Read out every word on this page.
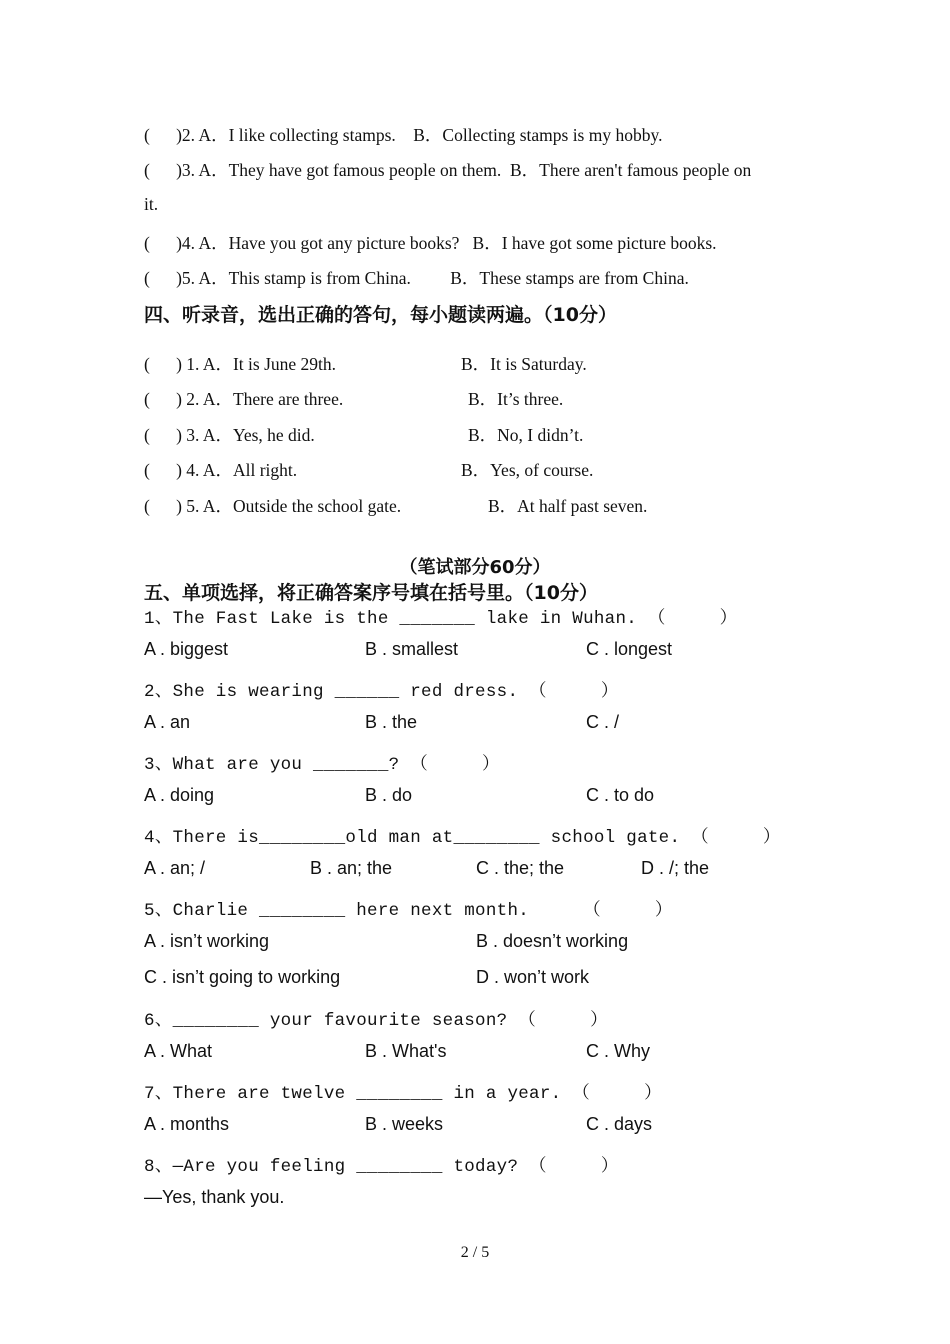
(      )2. A．I like collecting stamps.    B．Collecting stamps is my hobby.
(      )3. A．They have got famous people on them.  B．There aren't famous people on
it.
(      )4. A．Have you got any picture books?   B．I have got some picture books.
(      )5. A．This stamp is from China.         B．These stamps are from China.
四、听录音，选出正确的答句，每小题读两遍。（10分）
(      ) 1. A．It is June 29th.	B．It is Saturday.
(      ) 2. A．There are three.	B．It’s three.
(      ) 3. A．Yes, he did.	B．No, I didn’t.
(      ) 4. A．All right.	B．Yes, of course.
(      ) 5. A．Outside the school gate.	B．At half past seven.
（笔试部分60分）
五、单项选择，将正确答案序号填在括号里。（10分）
1、The Fast Lake is the _______ lake in Wuhan. （     ）
A . biggest	B . smallest	C . longest
2、She is wearing ______ red dress. （     ）
A . an	B . the	C . /
3、What are you _______? （     ）
A . doing	B . do	C . to do
4、There is________old man at________ school gate. （     ）
A . an; /	B . an; the	C . the; the	D . /; the
5、Charlie ________ here next month.     （     ）
A . isn’t working	B . doesn’t working
C . isn’t going to working	D . won’t work
6、________ your favourite season? （     ）
A . What	B . What's	C . Why
7、There are twelve ________ in a year. （     ）
A . months	B . weeks	C . days
8、—Are you feeling ________ today? （     ）
—Yes, thank you.
2 / 5
